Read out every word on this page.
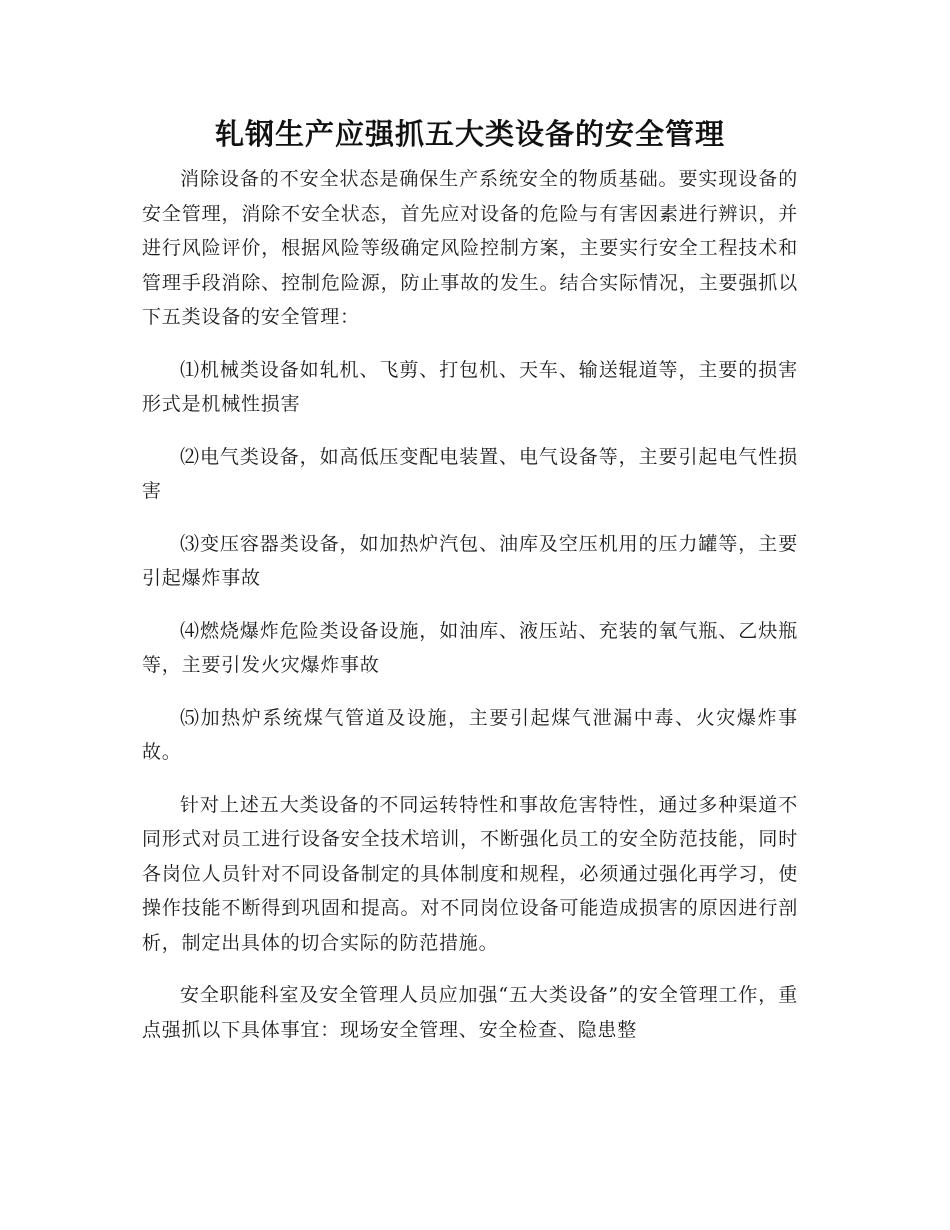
轧钢生产应强抓五大类设备的安全管理

消除设备的不安全状态是确保生产系统安全的物质基础。要实现设备的安全管理，消除不安全状态，首先应对设备的危险与有害因素进行辨识，并进行风险评价，根据风险等级确定风险控制方案，主要实行安全工程技术和管理手段消除、控制危险源，防止事故的发生。结合实际情况，主要强抓以下五类设备的安全管理：

⑴机械类设备如轧机、飞剪、打包机、天车、输送辊道等，主要的损害形式是机械性损害

⑵电气类设备，如高低压变配电装置、电气设备等，主要引起电气性损害

⑶变压容器类设备，如加热炉汽包、油库及空压机用的压力罐等，主要引起爆炸事故

⑷燃烧爆炸危险类设备设施，如油库、液压站、充装的氧气瓶、乙炔瓶等，主要引发火灾爆炸事故

⑸加热炉系统煤气管道及设施，主要引起煤气泄漏中毒、火灾爆炸事故。

针对上述五大类设备的不同运转特性和事故危害特性，通过多种渠道不同形式对员工进行设备安全技术培训，不断强化员工的安全防范技能，同时各岗位人员针对不同设备制定的具体制度和规程，必须通过强化再学习，使操作技能不断得到巩固和提高。对不同岗位设备可能造成损害的原因进行剖析，制定出具体的切合实际的防范措施。

安全职能科室及安全管理人员应加强“五大类设备”的安全管理工作，重点强抓以下具体事宜：现场安全管理、安全检查、隐患整
